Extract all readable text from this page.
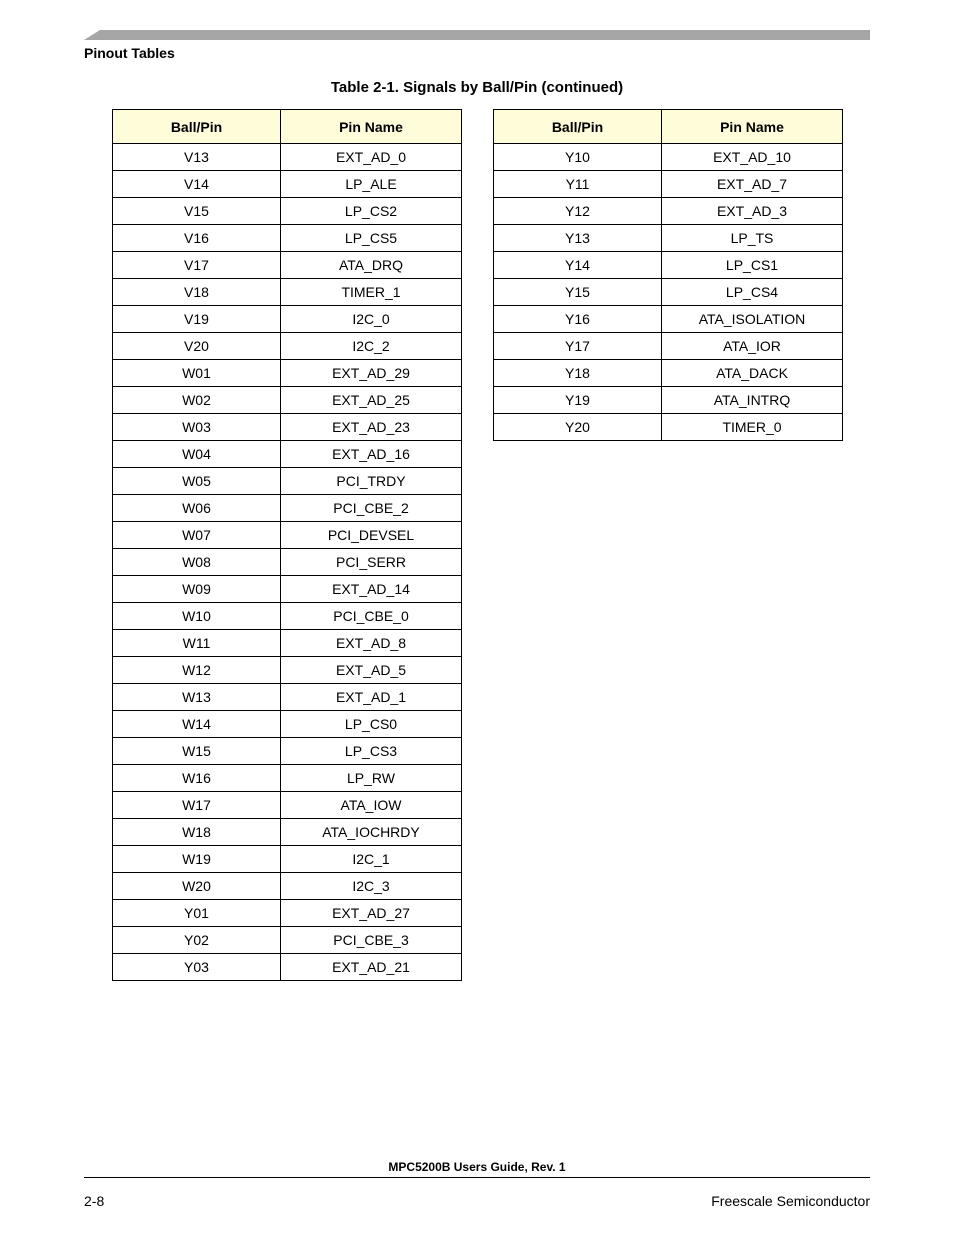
Pinout Tables
Table 2-1. Signals by Ball/Pin (continued)
Ball/Pin	Pin Name
V13	EXT_AD_0
V14	LP_ALE
V15	LP_CS2
V16	LP_CS5
V17	ATA_DRQ
V18	TIMER_1
V19	I2C_0
V20	I2C_2
W01	EXT_AD_29
W02	EXT_AD_25
W03	EXT_AD_23
W04	EXT_AD_16
W05	PCI_TRDY
W06	PCI_CBE_2
W07	PCI_DEVSEL
W08	PCI_SERR
W09	EXT_AD_14
W10	PCI_CBE_0
W11	EXT_AD_8
W12	EXT_AD_5
W13	EXT_AD_1
W14	LP_CS0
W15	LP_CS3
W16	LP_RW
W17	ATA_IOW
W18	ATA_IOCHRDY
W19	I2C_1
W20	I2C_3
Y01	EXT_AD_27
Y02	PCI_CBE_3
Y03	EXT_AD_21
Ball/Pin	Pin Name
Y10	EXT_AD_10
Y11	EXT_AD_7
Y12	EXT_AD_3
Y13	LP_TS
Y14	LP_CS1
Y15	LP_CS4
Y16	ATA_ISOLATION
Y17	ATA_IOR
Y18	ATA_DACK
Y19	ATA_INTRQ
Y20	TIMER_0
MPC5200B Users Guide, Rev. 1
2-8	Freescale Semiconductor
